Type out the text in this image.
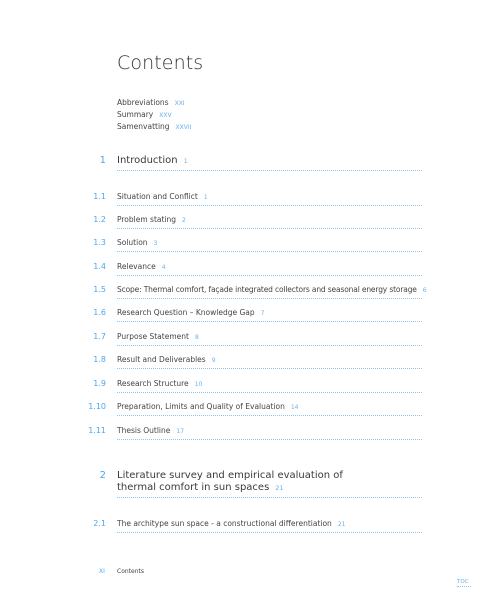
Contents
Abbreviations XXI
Summary XXV
Samenvatting XXVII
1 Introduction 1
1.1 Situation and Conflict 1
1.2 Problem stating 2
1.3 Solution 3
1.4 Relevance 4
1.5 Scope: Thermal comfort, façade integrated collectors and seasonal energy storage 6
1.6 Research Question – Knowledge Gap 7
1.7 Purpose Statement 8
1.8 Result and Deliverables 9
1.9 Research Structure 10
1.10 Preparation, Limits and Quality of Evaluation 14
1.11 Thesis Outline 17
2 Literature survey and empirical evaluation of
thermal comfort in sun spaces 21
2.1 The architype sun space - a constructional differentiation 21
XI Contents
TOC
